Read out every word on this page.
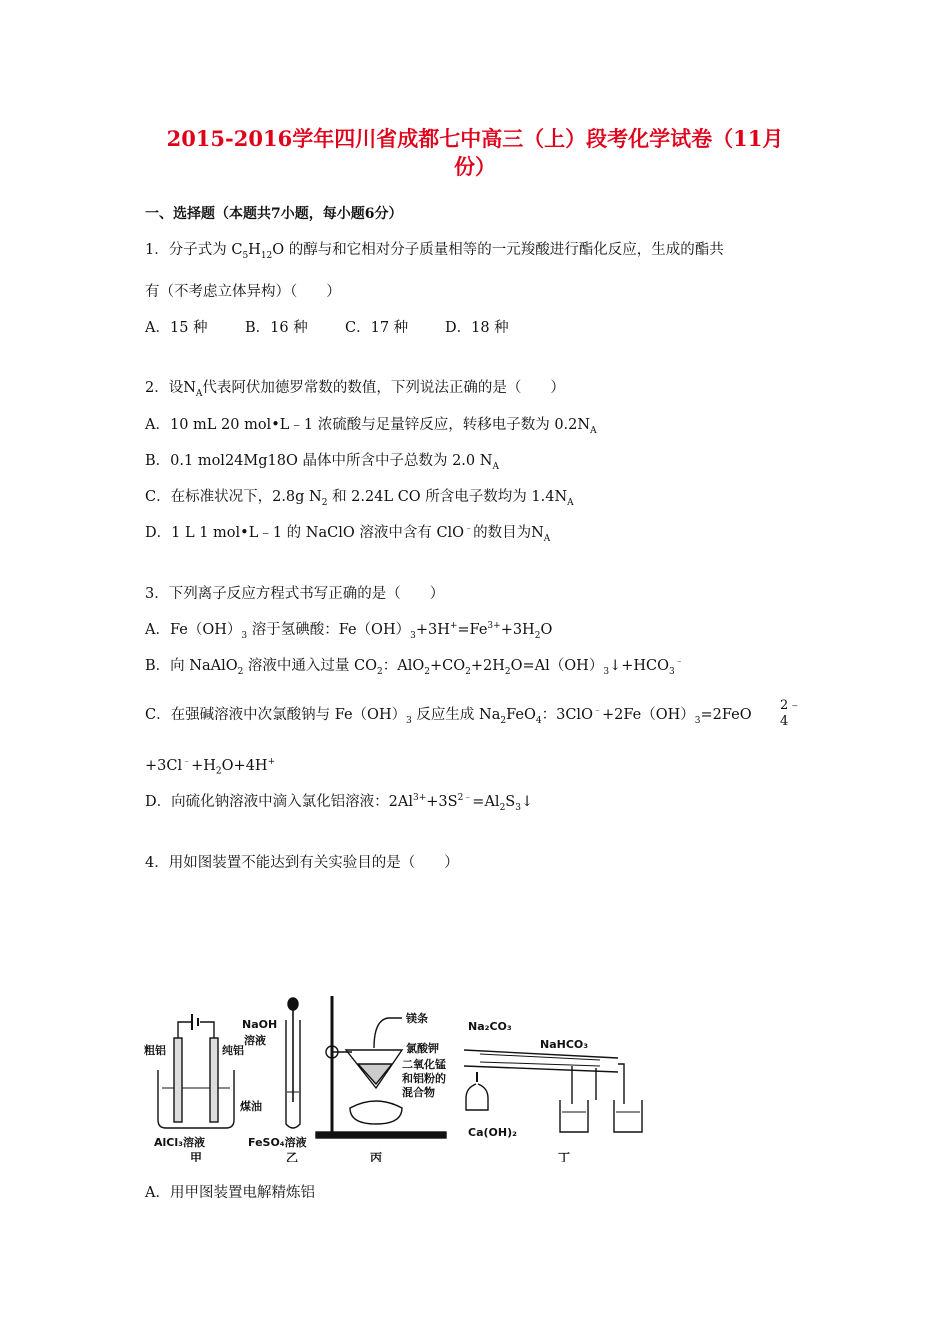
2015-2016学年四川省成都七中高三（上）段考化学试卷（11月
份）
一、选择题（本题共7小题，每小题6分）
1．分子式为 $C_5H_{12}O$ 的醇与和它相对分子质量相等的一元羧酸进行酯化反应，生成的酯共
有（不考虑立体异构）（　　）
A．15 种	B．16 种	C．17 种	D．18 种
2．设$N_A$代表阿伏加德罗常数的数值，下列说法正确的是（　　）
A．10 mL 20 mol•L﹣1 浓硫酸与足量锌反应，转移电子数为 $0.2N_A$
B．0.1 mol24Mg18O 晶体中所含中子总数为 2.0 $N_A$
C．在标准状况下，2.8g $N_2$ 和 2.24L CO 所含电子数均为 $1.4N_A$
D．1 L 1 mol•L﹣1 的 NaClO 溶液中含有 ClO﹣的数目为$N_A$
3．下列离子反应方程式书写正确的是（　　）
A．$Fe(OH)_3$ 溶于氢碘酸：$Fe(OH)_3+3H^+=Fe^{3+}+3H_2O$
B．向 NaAlO$_2$ 溶液中通入过量 $CO_2$：$AlO_2+CO_2+2H_2O=Al(OH)_3↓+HCO_3^﹣$
C．在强碱溶液中次氯酸钠与 $Fe(OH)_3$ 反应生成 $Na_2FeO_4$：$3ClO^﹣+2Fe(OH)_3=2FeO$
2﹣
4
$+3Cl^﹣+H_2O+4H^+$
D．向硫化钠溶液中滴入氯化铝溶液：$2Al^{3+}+3S^{2﹣}=Al_2S_3↓$
4．用如图装置不能达到有关实验目的是（　　）
粗铝	纯铝
AlCl₃溶液
甲
NaOH
溶液
煤油
FeSO₄溶液
乙
镁条
氯酸钾
二氧化锰
和铝粉的
混合物
丙
Na₂CO₃
NaHCO₃
Ca(OH)₂
丁
A．用甲图装置电解精炼铝
